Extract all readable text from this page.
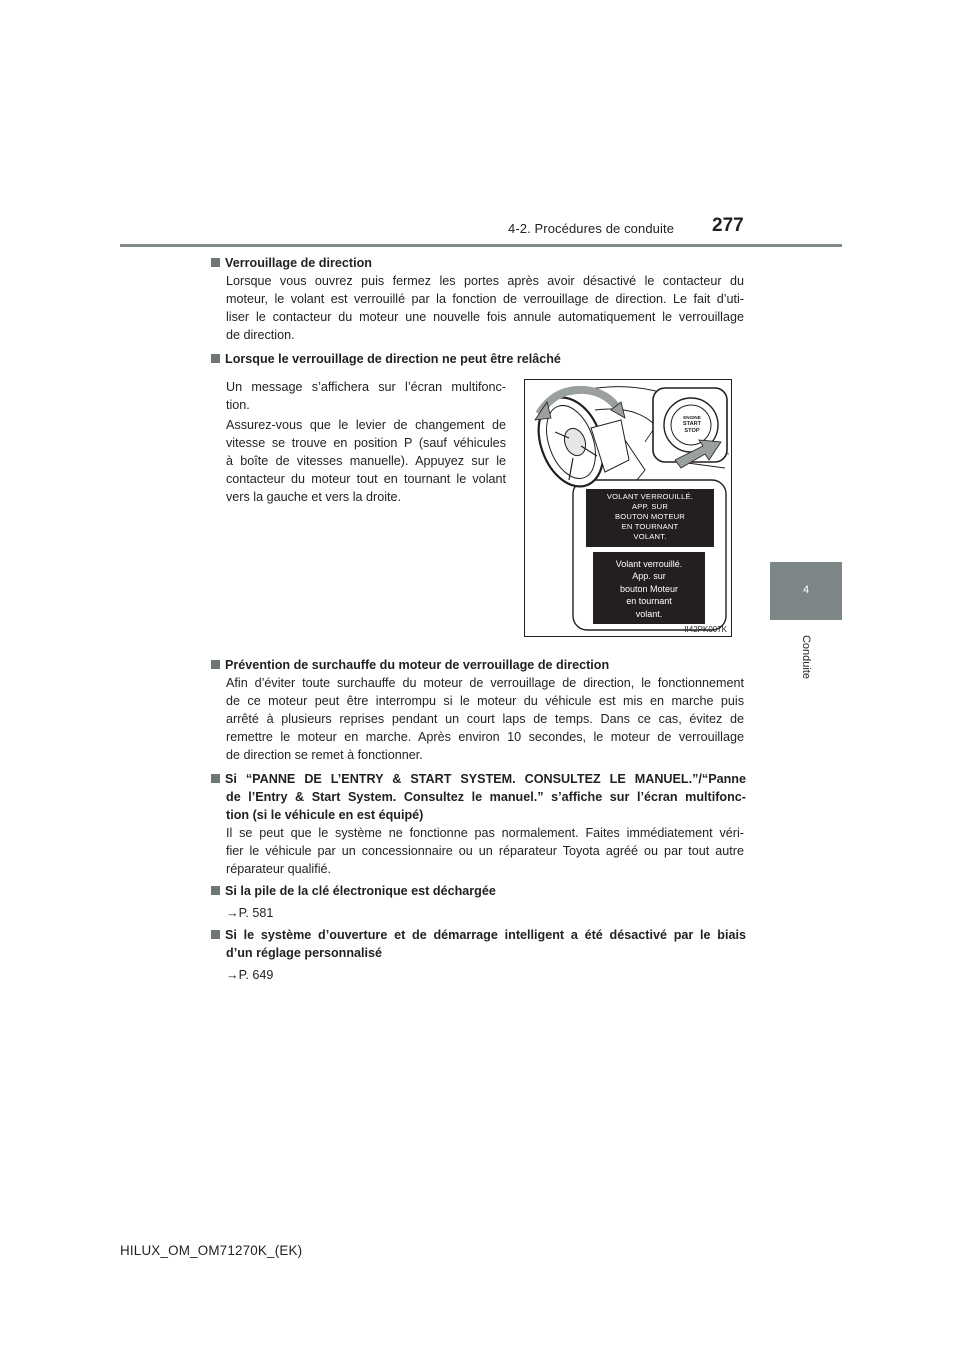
4-2. Procédures de conduite 277
4
Conduite
Verrouillage de direction
Lorsque vous ouvrez puis fermez les portes après avoir désactivé le contacteur du
moteur, le volant est verrouillé par la fonction de verrouillage de direction. Le fait d’uti-
liser le contacteur du moteur une nouvelle fois annule automatiquement le verrouillage
de direction.
Lorsque le verrouillage de direction ne peut être relâché
Un message s’affichera sur l’écran multifonc-
tion.
Assurez-vous que le levier de changement de
vitesse se trouve en position P (sauf véhicules
à boîte de vitesses manuelle). Appuyez sur le
contacteur du moteur tout en tournant le volant
vers la gauche et vers la droite.
ENGINE
START
STOP
VOLANT VERROUILLÉ.
APP. SUR
BOUTON MOTEUR
EN TOURNANT
VOLANT.
Volant verrouillé.
App. sur
bouton Moteur
en tournant
volant.
II42PK007K
Prévention de surchauffe du moteur de verrouillage de direction
Afin d’éviter toute surchauffe du moteur de verrouillage de direction, le fonctionnement
de ce moteur peut être interrompu si le moteur du véhicule est mis en marche puis
arrêté à plusieurs reprises pendant un court laps de temps. Dans ce cas, évitez de
remettre le moteur en marche. Après environ 10 secondes, le moteur de verrouillage
de direction se remet à fonctionner.
Si “PANNE DE L’ENTRY & START SYSTEM. CONSULTEZ LE MANUEL.”/“Panne
de l’Entry & Start System. Consultez le manuel.” s’affiche sur l’écran multifonc-
tion (si le véhicule en est équipé)
Il se peut que le système ne fonctionne pas normalement. Faites immédiatement véri-
fier le véhicule par un concessionnaire ou un réparateur Toyota agréé ou par tout autre
réparateur qualifié.
Si la pile de la clé électronique est déchargée
→P. 581
Si le système d’ouverture et de démarrage intelligent a été désactivé par le biais
d’un réglage personnalisé
→P. 649
HILUX_OM_OM71270K_(EK)
